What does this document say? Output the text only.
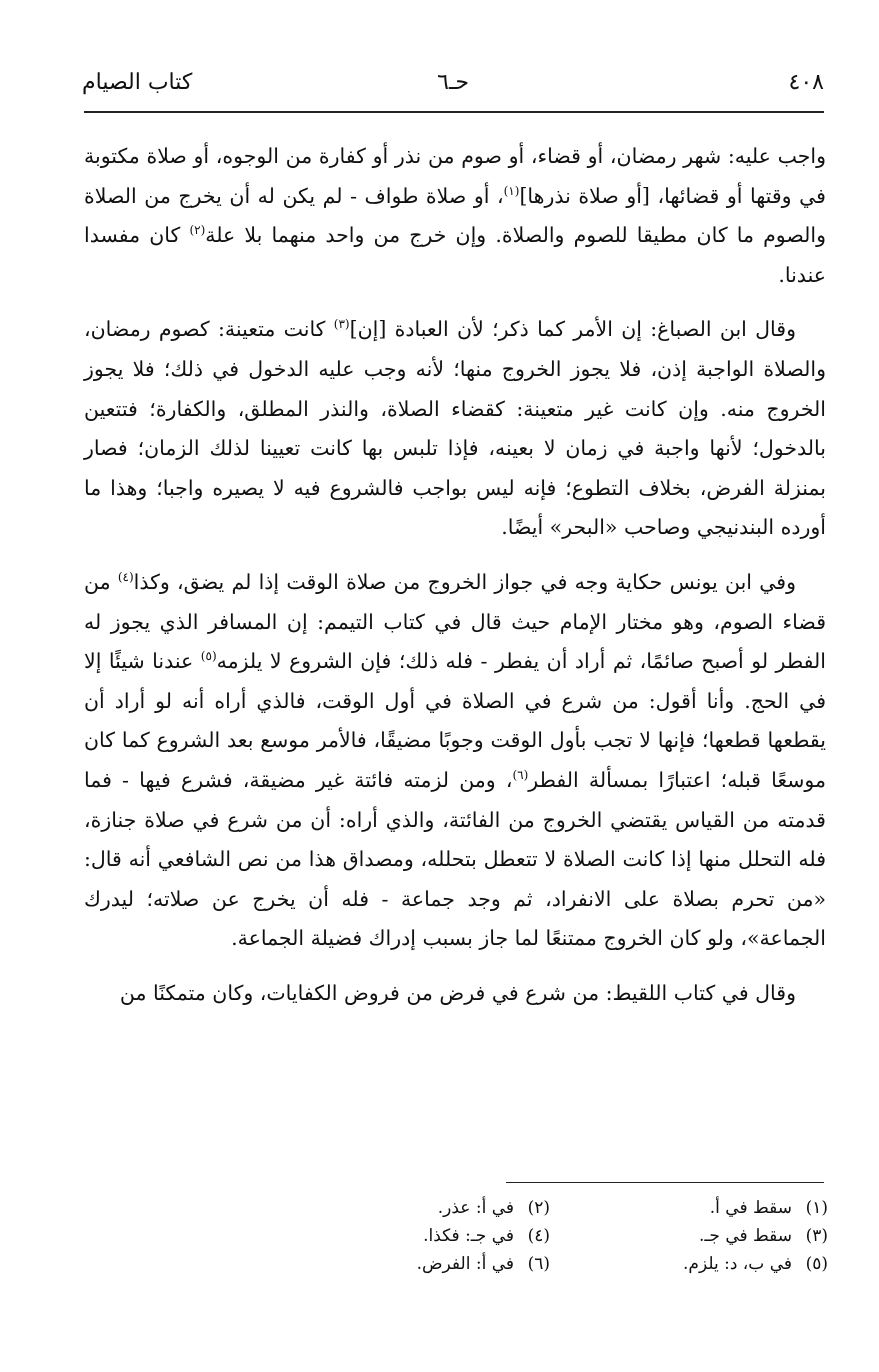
٤٠٨
حـ٦
كتاب الصيام

واجب عليه: شهر رمضان، أو قضاء، أو صوم من نذر أو كفارة من الوجوه، أو صلاة مكتوبة في وقتها أو قضائها، [أو صلاة نذرها]$^{(١)}$، أو صلاة طواف - لم يكن له أن يخرج من الصلاة والصوم ما كان مطيقا للصوم والصلاة. وإن خرج من واحد منهما بلا علة$^{(٢)}$ كان مفسدا عندنا.

وقال ابن الصباغ: إن الأمر كما ذكر؛ لأن العبادة [إن]$^{(٣)}$ كانت متعينة: كصوم رمضان، والصلاة الواجبة إذن، فلا يجوز الخروج منها؛ لأنه وجب عليه الدخول في ذلك؛ فلا يجوز الخروج منه. وإن كانت غير متعينة: كقضاء الصلاة، والنذر المطلق، والكفارة؛ فتتعين بالدخول؛ لأنها واجبة في زمان لا بعينه، فإذا تلبس بها كانت تعيينا لذلك الزمان؛ فصار بمنزلة الفرض، بخلاف التطوع؛ فإنه ليس بواجب فالشروع فيه لا يصيره واجبا؛ وهذا ما أورده البندنيجي وصاحب «البحر» أيضًا.

وفي ابن يونس حكاية وجه في جواز الخروج من صلاة الوقت إذا لم يضق، وكذا$^{(٤)}$ من قضاء الصوم، وهو مختار الإمام حيث قال في كتاب التيمم: إن المسافر الذي يجوز له الفطر لو أصبح صائمًا، ثم أراد أن يفطر - فله ذلك؛ فإن الشروع لا يلزمه$^{(٥)}$ عندنا شيئًا إلا في الحج. وأنا أقول: من شرع في الصلاة في أول الوقت، فالذي أراه أنه لو أراد أن يقطعها قطعها؛ فإنها لا تجب بأول الوقت وجوبًا مضيقًا، فالأمر موسع بعد الشروع كما كان موسعًا قبله؛ اعتبارًا بمسألة الفطر$^{(٦)}$، ومن لزمته فائتة غير مضيقة، فشرع فيها - فما قدمته من القياس يقتضي الخروج من الفائتة، والذي أراه: أن من شرع في صلاة جنازة، فله التحلل منها إذا كانت الصلاة لا تتعطل بتحلله، ومصداق هذا من نص الشافعي أنه قال: «من تحرم بصلاة على الانفراد، ثم وجد جماعة - فله أن يخرج عن صلاته؛ ليدرك الجماعة»، ولو كان الخروج ممتنعًا لما جاز بسبب إدراك فضيلة الجماعة.

وقال في كتاب اللقيط: من شرع في فرض من فروض الكفايات، وكان متمكنًا من

(١)سقط في أ.
(٢)في أ: عذر.
(٣)سقط في جـ.
(٤)في جـ: فكذا.
(٥)في ب، د: يلزم.
(٦)في أ: الفرض.
